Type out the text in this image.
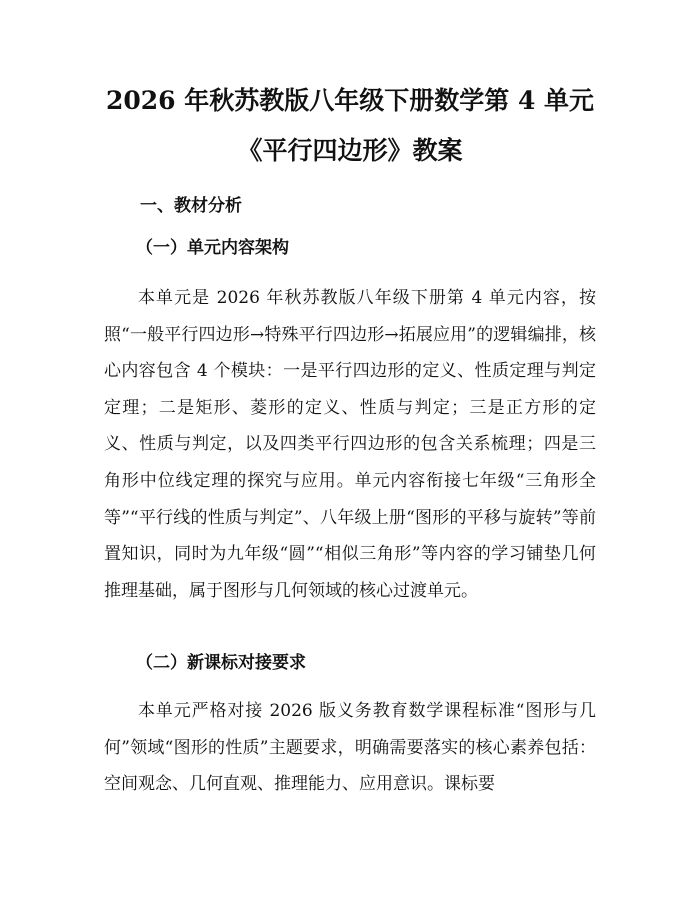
2026 年秋苏教版八年级下册数学第 4 单元
《平行四边形》教案
一、教材分析
（一）单元内容架构

本单元是 2026 年秋苏教版八年级下册第 4 单元内容，按照“一般平行四边形→特殊平行四边形→拓展应用”的逻辑编排，核心内容包含 4 个模块：一是平行四边形的定义、性质定理与判定定理；二是矩形、菱形的定义、性质与判定；三是正方形的定义、性质与判定，以及四类平行四边形的包含关系梳理；四是三角形中位线定理的探究与应用。单元内容衔接七年级“三角形全等”“平行线的性质与判定”、八年级上册“图形的平移与旋转”等前置知识，同时为九年级“圆”“相似三角形”等内容的学习铺垫几何推理基础，属于图形与几何领域的核心过渡单元。

（二）新课标对接要求

本单元严格对接 2026 版义务教育数学课程标准“图形与几何”领域“图形的性质”主题要求，明确需要落实的核心素养包括：空间观念、几何直观、推理能力、应用意识。课标要
